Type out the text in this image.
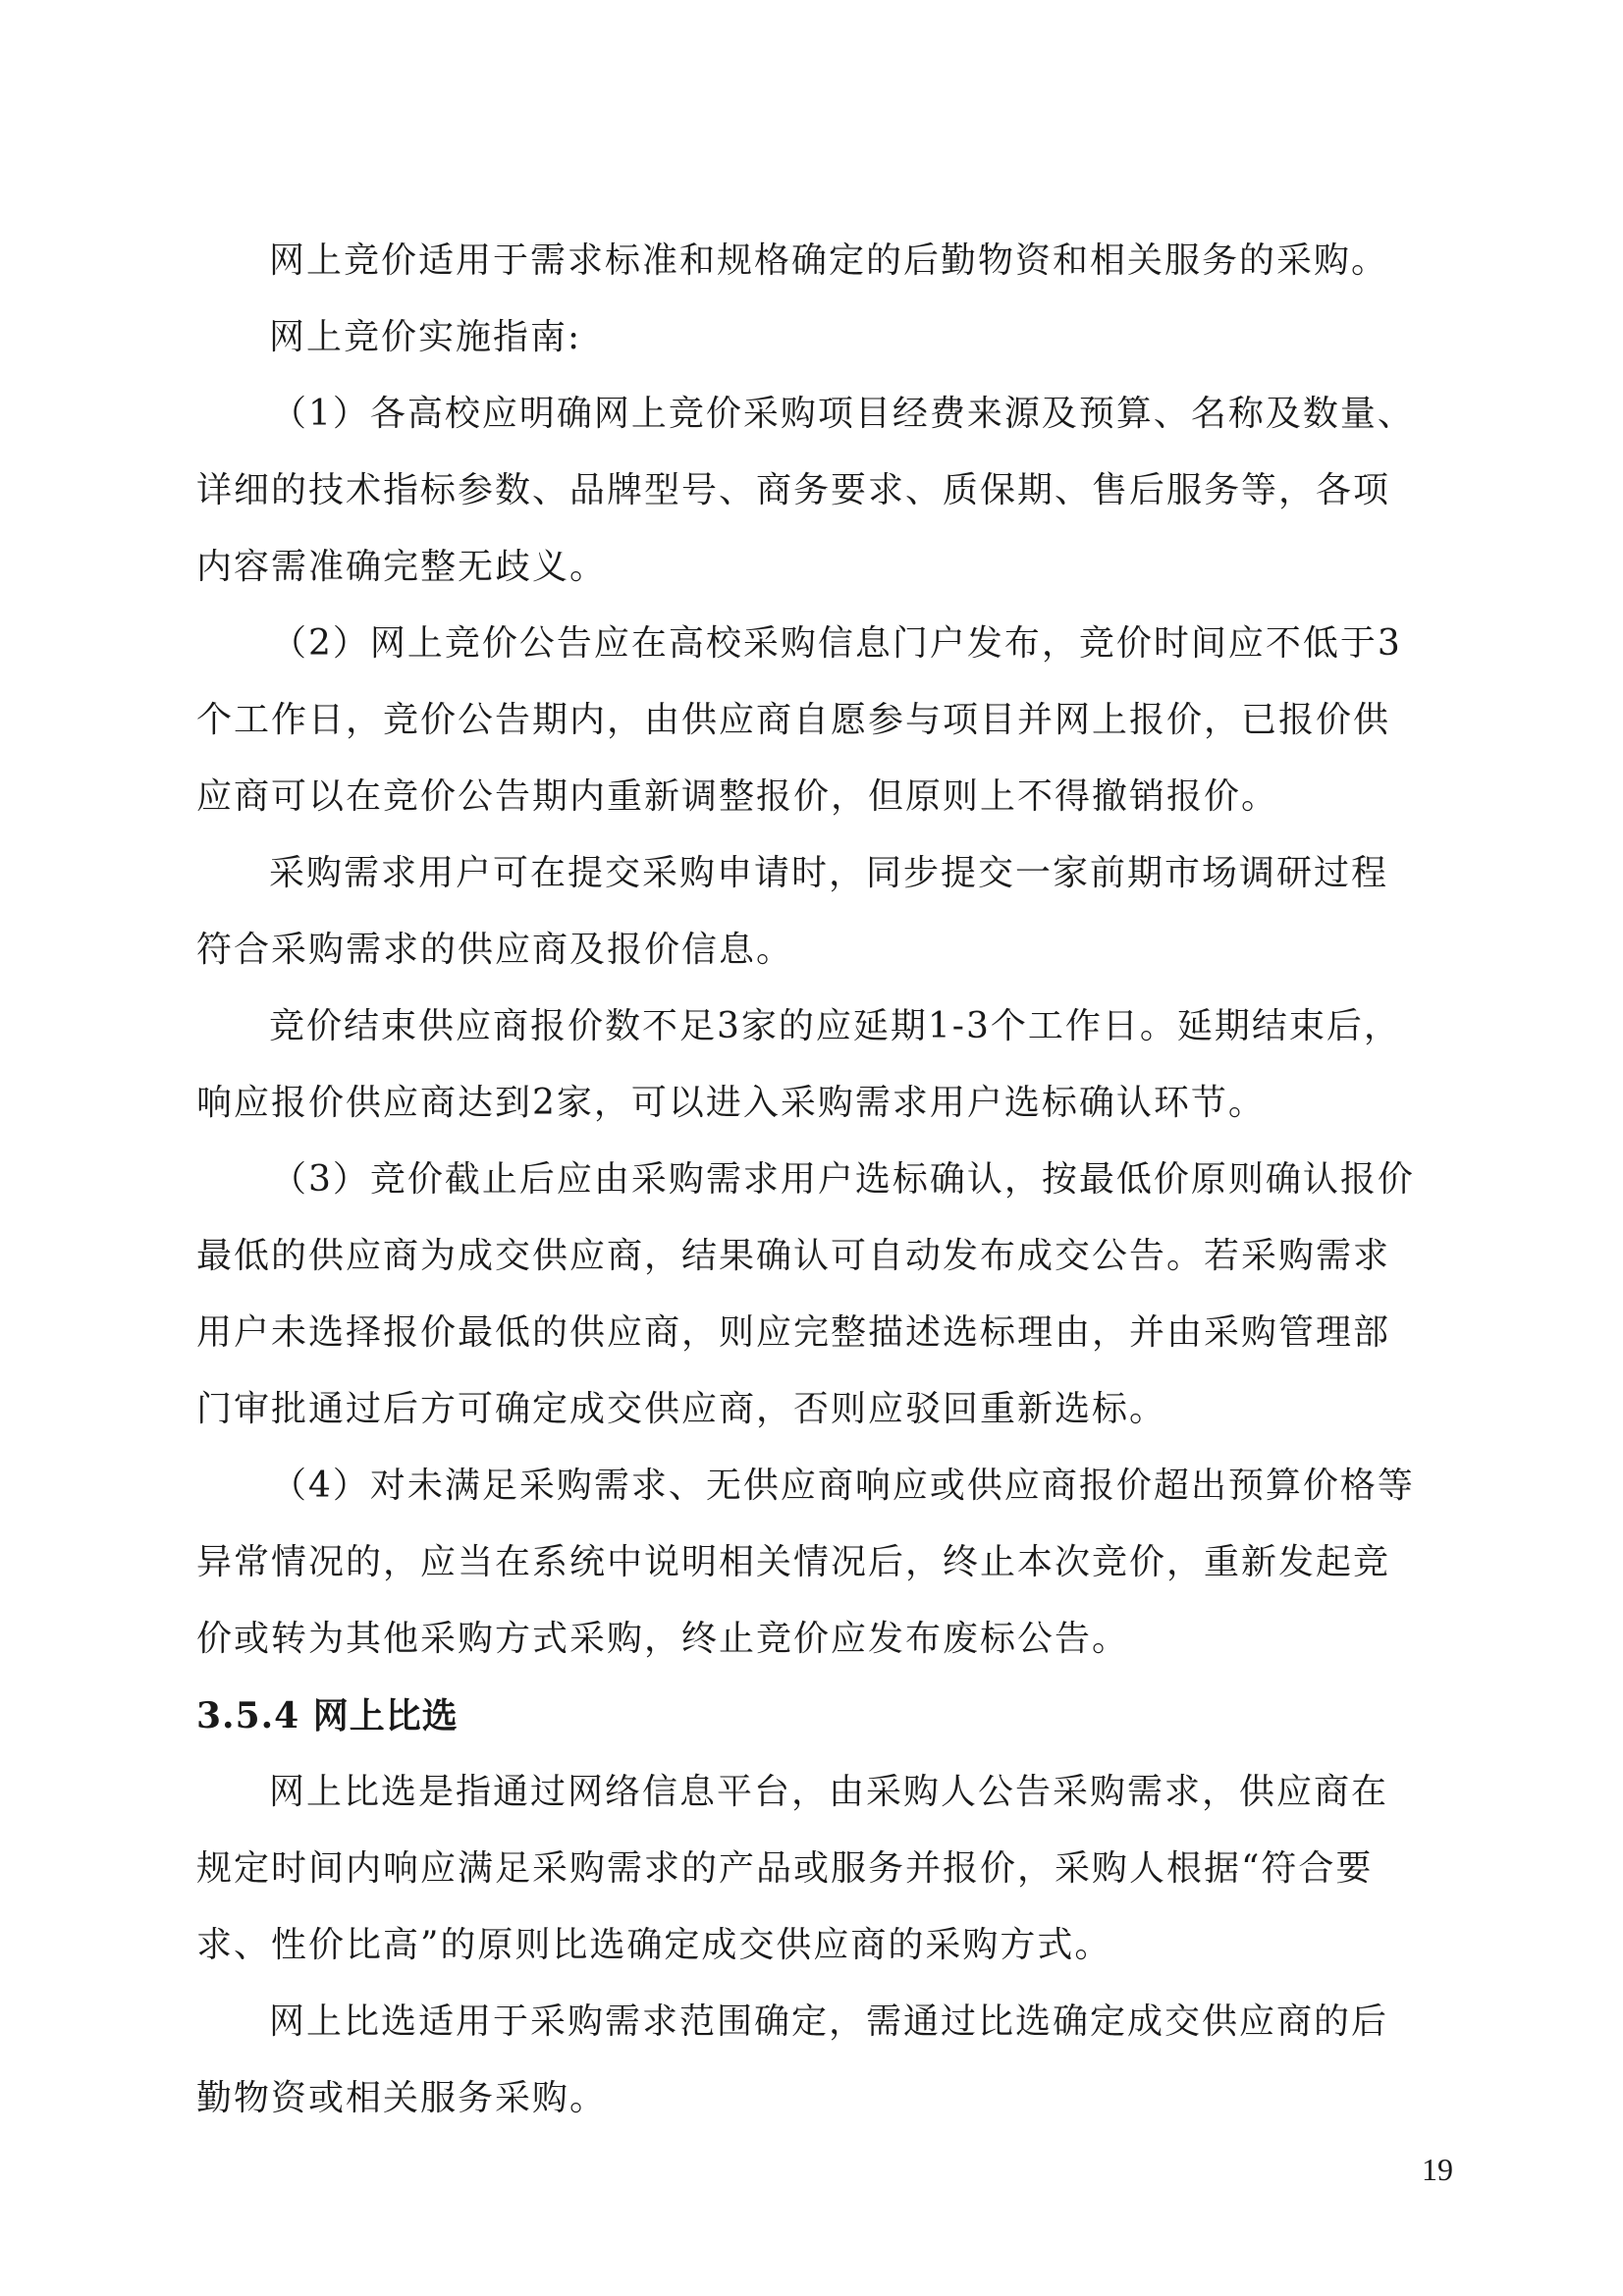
网上竞价适用于需求标准和规格确定的后勤物资和相关服务的采购。
网上竞价实施指南:
（1）各高校应明确网上竞价采购项目经费来源及预算、名称及数量、
详细的技术指标参数、品牌型号、商务要求、质保期、售后服务等，各项
内容需准确完整无歧义。
（2）网上竞价公告应在高校采购信息门户发布，竞价时间应不低于3
个工作日，竞价公告期内，由供应商自愿参与项目并网上报价，已报价供
应商可以在竞价公告期内重新调整报价，但原则上不得撤销报价。
采购需求用户可在提交采购申请时，同步提交一家前期市场调研过程
符合采购需求的供应商及报价信息。
竞价结束供应商报价数不足3家的应延期1-3个工作日。延期结束后，
响应报价供应商达到2家，可以进入采购需求用户选标确认环节。
（3）竞价截止后应由采购需求用户选标确认，按最低价原则确认报价
最低的供应商为成交供应商，结果确认可自动发布成交公告。若采购需求
用户未选择报价最低的供应商，则应完整描述选标理由，并由采购管理部
门审批通过后方可确定成交供应商，否则应驳回重新选标。
（4）对未满足采购需求、无供应商响应或供应商报价超出预算价格等
异常情况的，应当在系统中说明相关情况后，终止本次竞价，重新发起竞
价或转为其他采购方式采购，终止竞价应发布废标公告。
3.5.4 网上比选
网上比选是指通过网络信息平台，由采购人公告采购需求，供应商在
规定时间内响应满足采购需求的产品或服务并报价，采购人根据“符合要
求、性价比高”的原则比选确定成交供应商的采购方式。
网上比选适用于采购需求范围确定，需通过比选确定成交供应商的后
勤物资或相关服务采购。
19
